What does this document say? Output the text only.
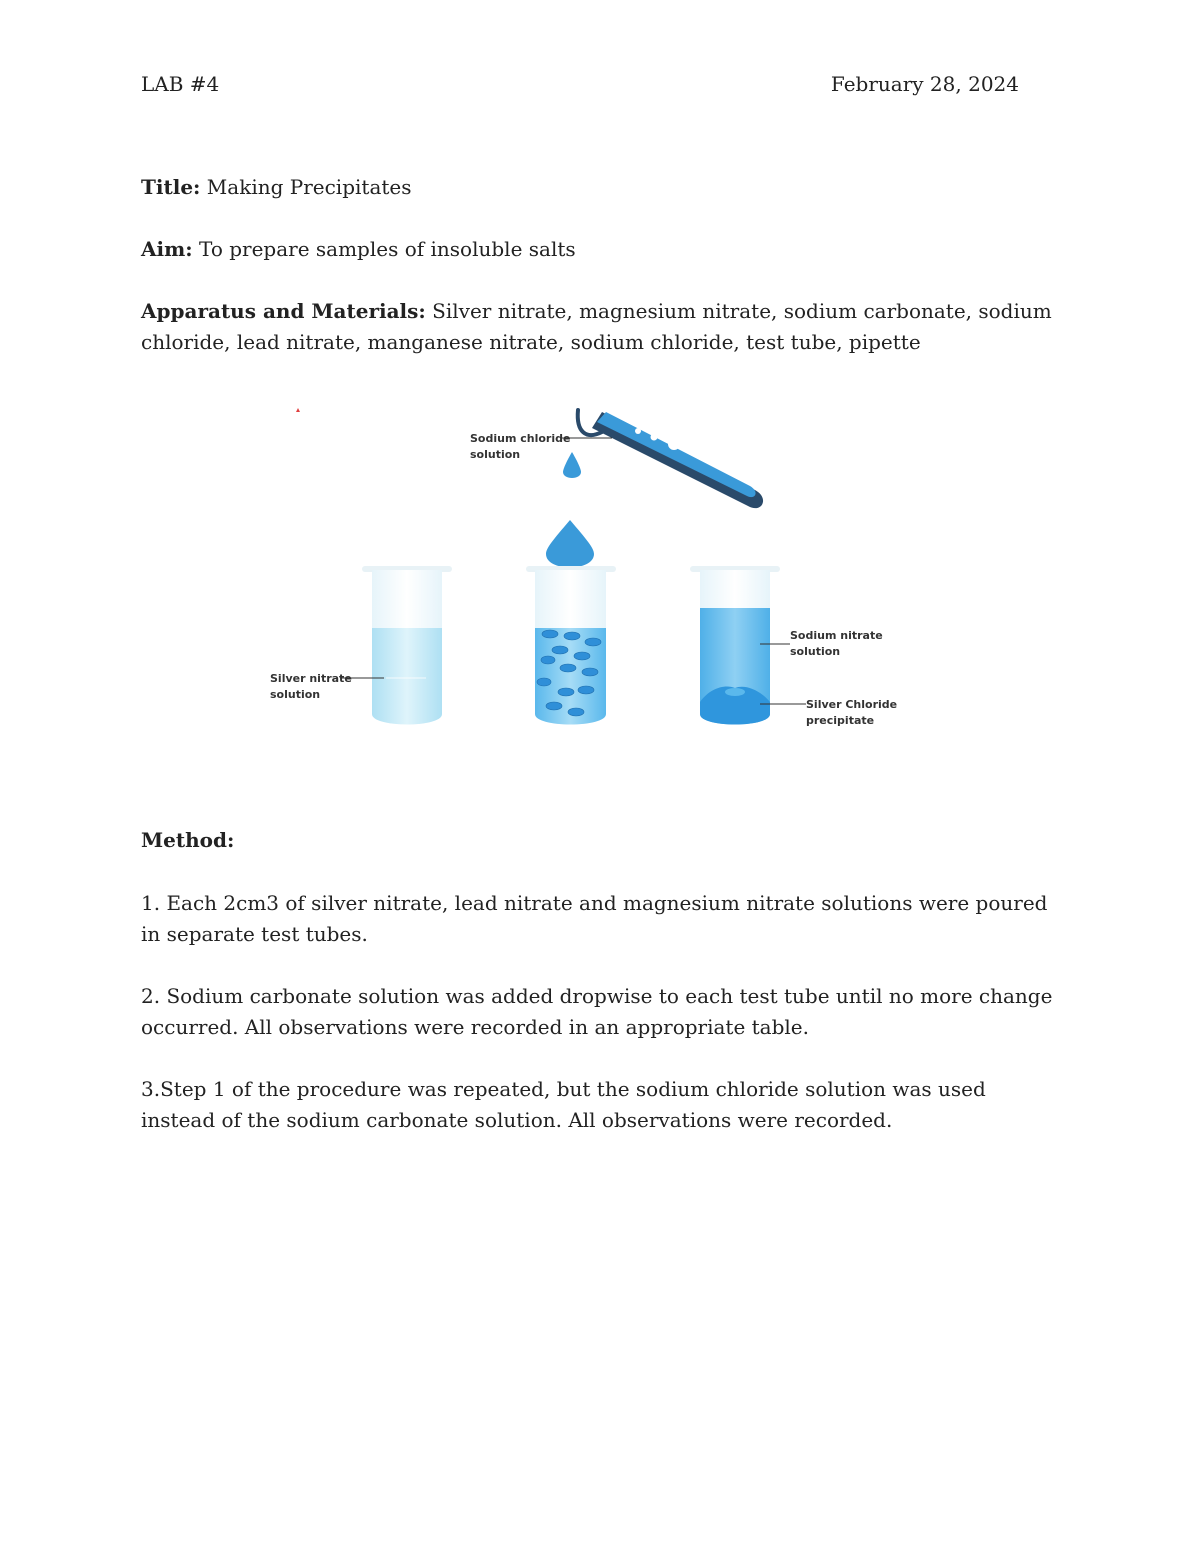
LAB #4	February 28, 2024
Title: Making Precipitates
Aim: To prepare samples of insoluble salts
Apparatus and Materials: Silver nitrate, magnesium nitrate, sodium carbonate, sodium chloride, lead nitrate, manganese nitrate, sodium chloride, test tube, pipette
Sodium chloride
solution
Silver nitrate
solution
Sodium nitrate
solution
Silver Chloride
precipitate
Method:
1. Each 2cm3 of silver nitrate, lead nitrate and magnesium nitrate solutions were poured in separate test tubes.
2. Sodium carbonate solution was added dropwise to each test tube until no more change occurred. All observations were recorded in an appropriate table.
3.Step 1 of the procedure was repeated, but the sodium chloride solution was used instead of the sodium carbonate solution. All observations were recorded.
